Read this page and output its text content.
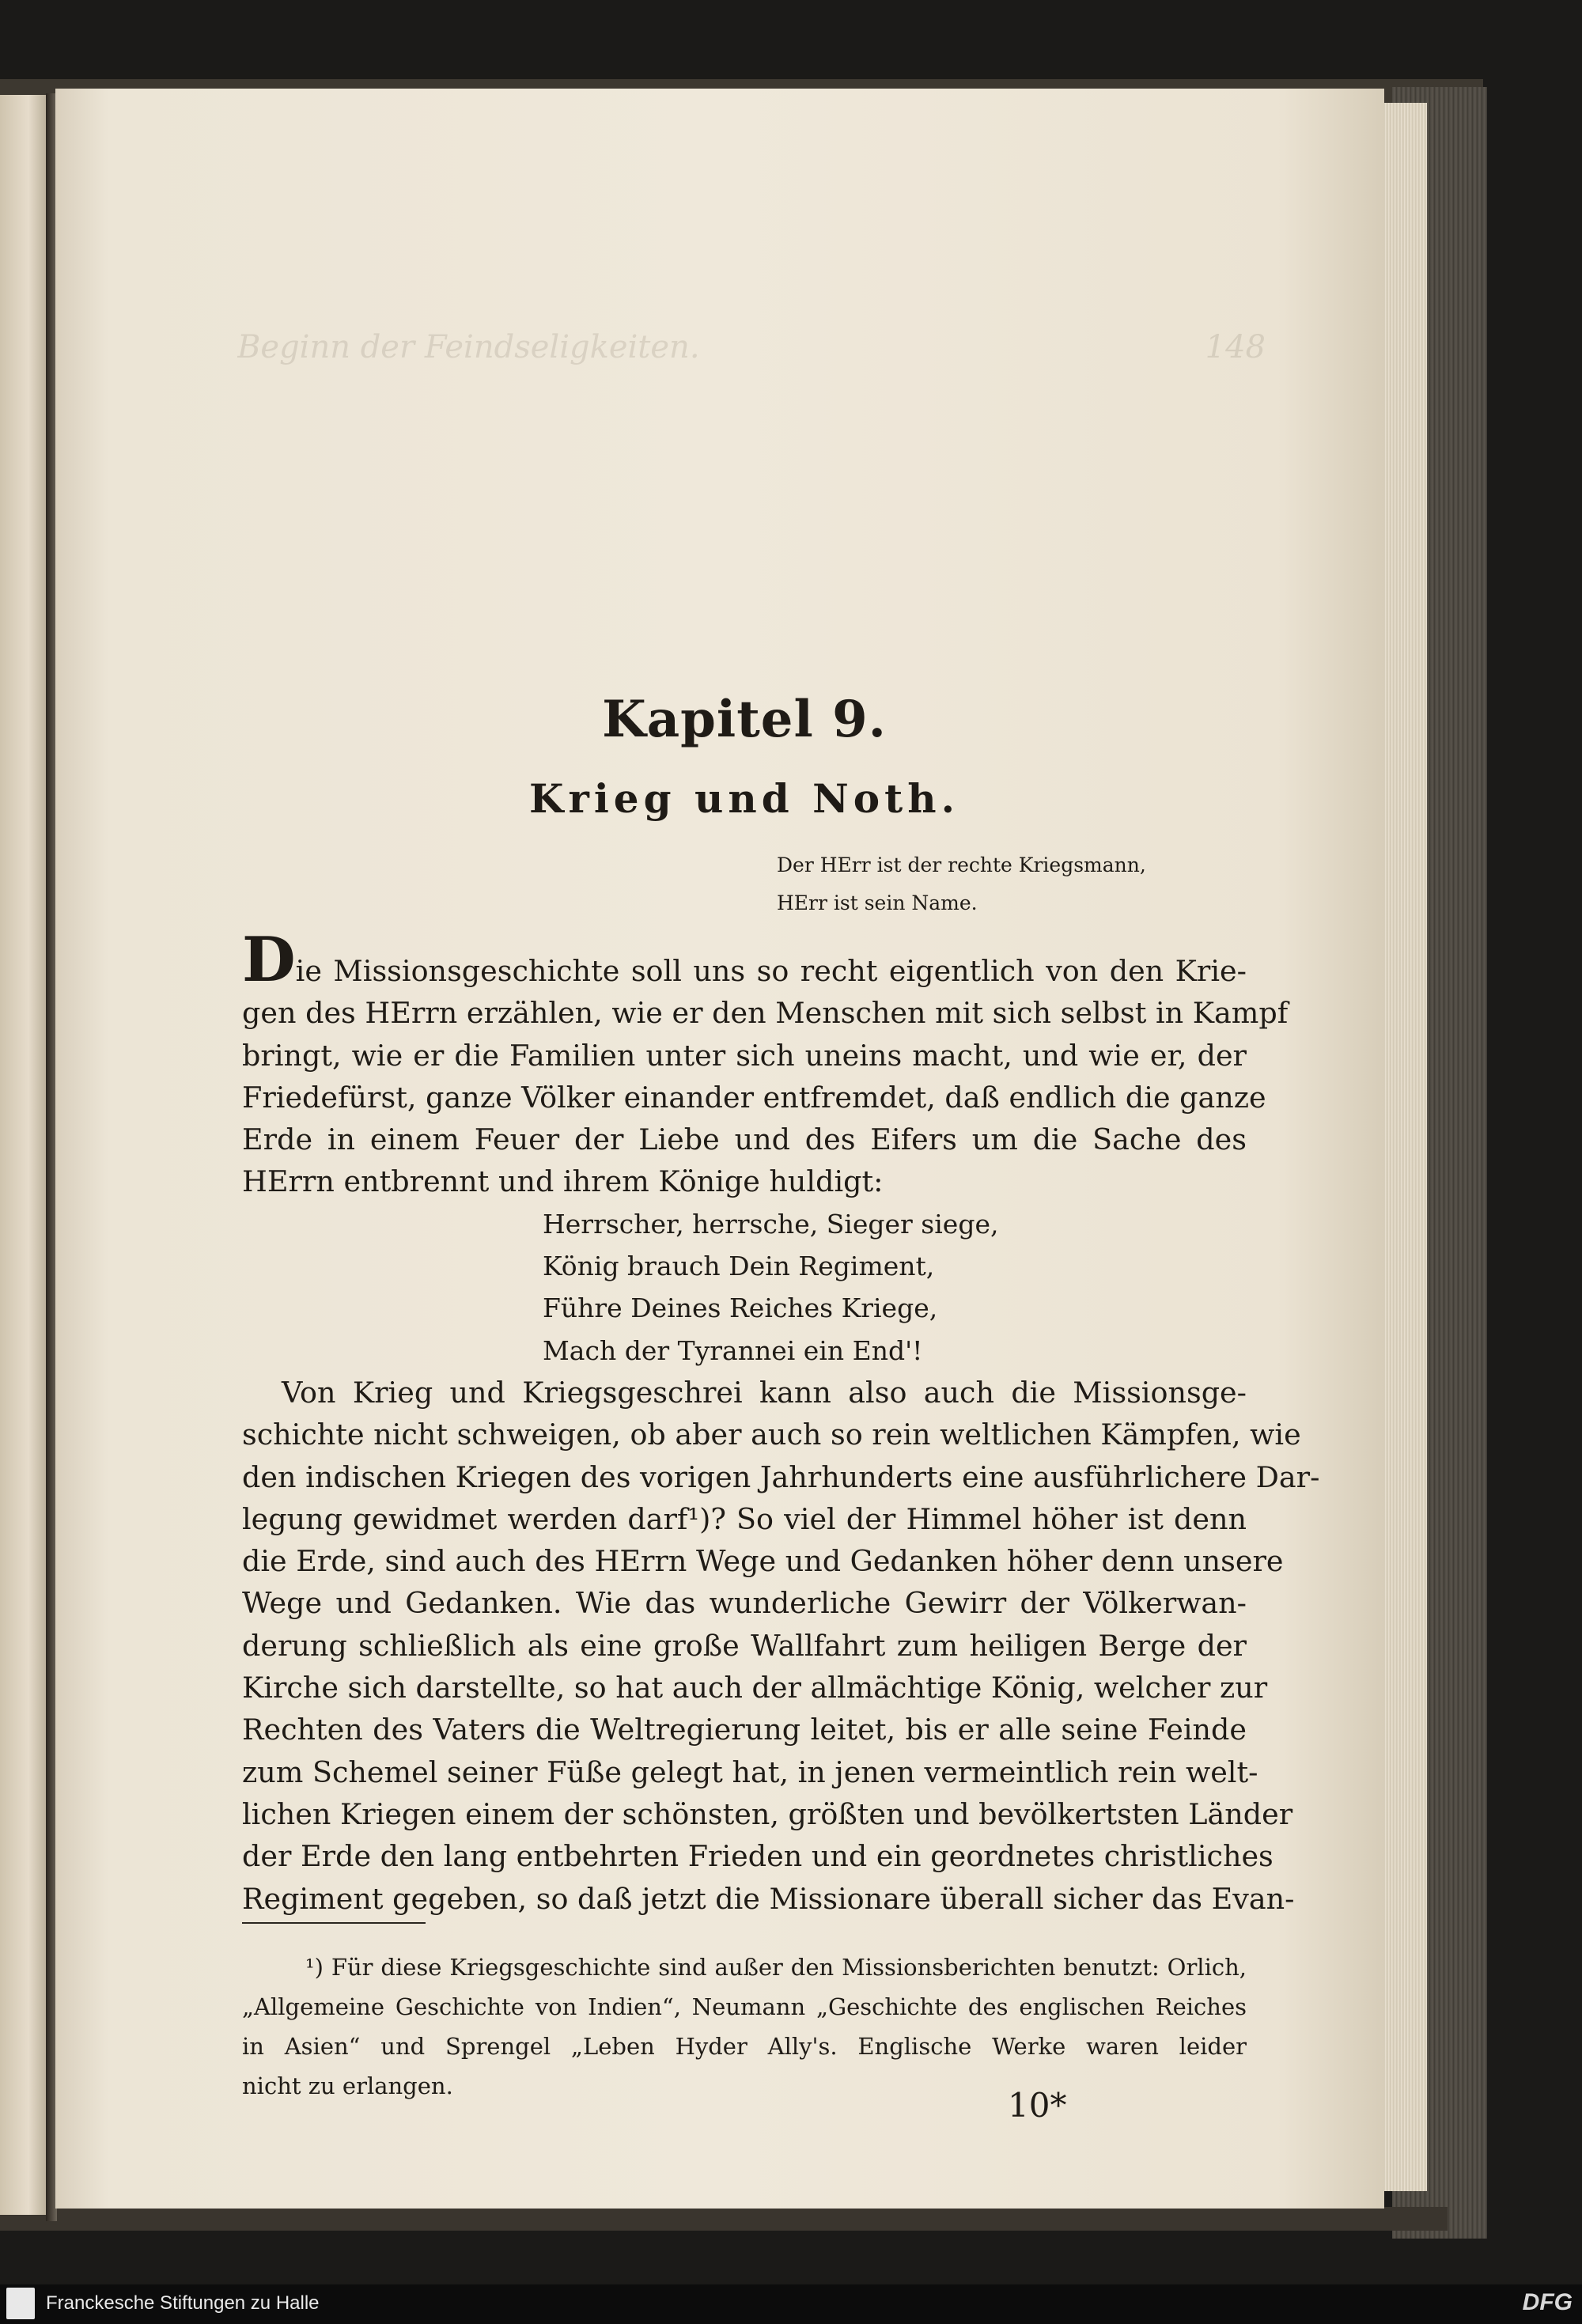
Beginn der Feindseligkeiten.	148
Kapitel 9.
Krieg und Noth.
Der HErr ist der rechte Kriegsmann,
HErr ist sein Name.
Die Missionsgeschichte soll uns so recht eigentlich von den Krie-
gen des HErrn erzählen, wie er den Menschen mit sich selbst in Kampf
bringt, wie er die Familien unter sich uneins macht, und wie er, der
Friedefürst, ganze Völker einander entfremdet, daß endlich die ganze
Erde in einem Feuer der Liebe und des Eifers um die Sache des
HErrn entbrennt und ihrem Könige huldigt:
Herrscher, herrsche, Sieger siege,
König brauch Dein Regiment,
Führe Deines Reiches Kriege,
Mach der Tyrannei ein End'!
Von Krieg und Kriegsgeschrei kann also auch die Missionsge-
schichte nicht schweigen, ob aber auch so rein weltlichen Kämpfen, wie
den indischen Kriegen des vorigen Jahrhunderts eine ausführlichere Dar-
legung gewidmet werden darf¹)? So viel der Himmel höher ist denn
die Erde, sind auch des HErrn Wege und Gedanken höher denn unsere
Wege und Gedanken. Wie das wunderliche Gewirr der Völkerwan-
derung schließlich als eine große Wallfahrt zum heiligen Berge der
Kirche sich darstellte, so hat auch der allmächtige König, welcher zur
Rechten des Vaters die Weltregierung leitet, bis er alle seine Feinde
zum Schemel seiner Füße gelegt hat, in jenen vermeintlich rein welt-
lichen Kriegen einem der schönsten, größten und bevölkertsten Länder
der Erde den lang entbehrten Frieden und ein geordnetes christliches
Regiment gegeben, so daß jetzt die Missionare überall sicher das Evan-
¹) Für diese Kriegsgeschichte sind außer den Missionsberichten benutzt: Orlich,
„Allgemeine Geschichte von Indien“, Neumann „Geschichte des englischen Reiches
in Asien“ und Sprengel „Leben Hyder Ally's. Englische Werke waren leider
nicht zu erlangen.	10*
Franckesche Stiftungen zu Halle	DFG
